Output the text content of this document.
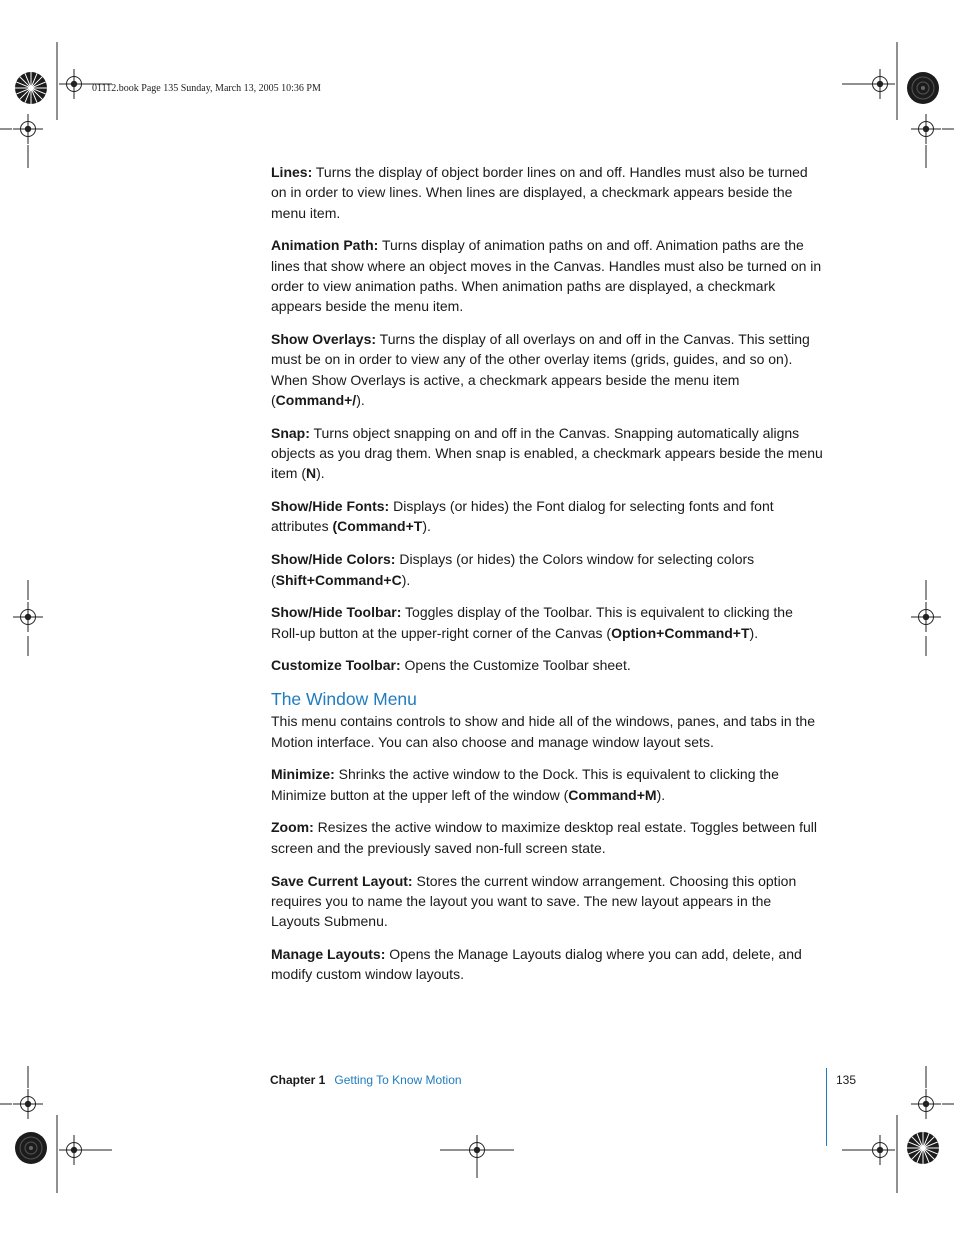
01112.book Page 135 Sunday, March 13, 2005 10:36 PM

Lines: Turns the display of object border lines on and off. Handles must also be turned on in order to view lines. When lines are displayed, a checkmark appears beside the menu item.

Animation Path: Turns display of animation paths on and off. Animation paths are the lines that show where an object moves in the Canvas. Handles must also be turned on in order to view animation paths. When animation paths are displayed, a checkmark appears beside the menu item.

Show Overlays: Turns the display of all overlays on and off in the Canvas. This setting must be on in order to view any of the other overlay items (grids, guides, and so on). When Show Overlays is active, a checkmark appears beside the menu item (Command+/).

Snap: Turns object snapping on and off in the Canvas. Snapping automatically aligns objects as you drag them. When snap is enabled, a checkmark appears beside the menu item (N).

Show/Hide Fonts: Displays (or hides) the Font dialog for selecting fonts and font attributes (Command+T).

Show/Hide Colors: Displays (or hides) the Colors window for selecting colors (Shift+Command+C).

Show/Hide Toolbar: Toggles display of the Toolbar. This is equivalent to clicking the Roll-up button at the upper-right corner of the Canvas (Option+Command+T).

Customize Toolbar: Opens the Customize Toolbar sheet.

The Window Menu

This menu contains controls to show and hide all of the windows, panes, and tabs in the Motion interface. You can also choose and manage window layout sets.

Minimize: Shrinks the active window to the Dock. This is equivalent to clicking the Minimize button at the upper left of the window (Command+M).

Zoom: Resizes the active window to maximize desktop real estate. Toggles between full screen and the previously saved non-full screen state.

Save Current Layout: Stores the current window arrangement. Choosing this option requires you to name the layout you want to save. The new layout appears in the Layouts Submenu.

Manage Layouts: Opens the Manage Layouts dialog where you can add, delete, and modify custom window layouts.

Chapter 1 Getting To Know Motion	135
